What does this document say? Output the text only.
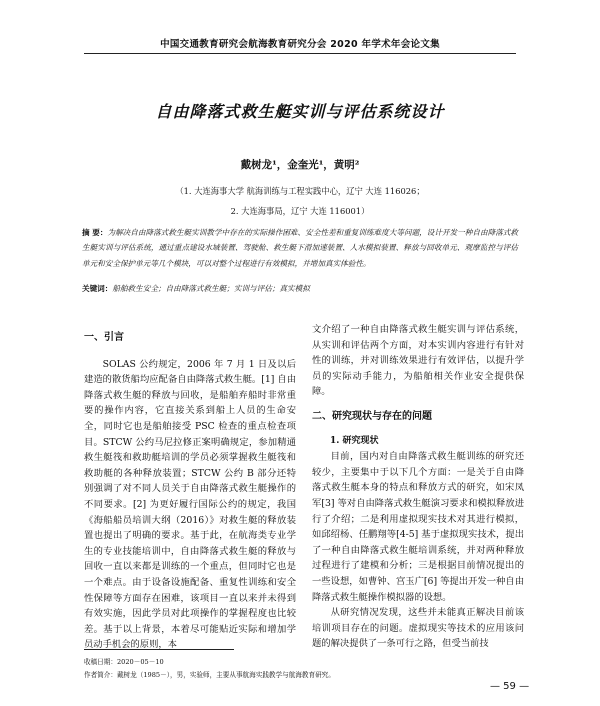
中国交通教育研究会航海教育研究分会 2020 年学术年会论文集
自由降落式救生艇实训与评估系统设计
戴树龙¹，金奎光¹，黄明²
（1. 大连海事大学 航海训练与工程实践中心，辽宁 大连 116026；
2. 大连海事局，辽宁 大连 116001）
摘 要：为解决自由降落式救生艇实训教学中存在的实际操作困难、安全性差和重复训练难度大等问题，设计开发一种自由降落式救生艇实训与评估系统，通过重点建设水域装置、驾驶舱、救生艇下滑加速装置、人水模拟装置、释放与回收单元、观摩监控与评估单元和安全保护单元等几个模块，可以对整个过程进行有效模拟，并增加真实体验性。
关键词：船舶救生安全；自由降落式救生艇；实训与评估；真实模拟
一、引言

SOLAS 公约规定，2006 年 7 月 1 日及以后建造的散货船均应配备自由降落式救生艇。[1] 自由降落式救生艇的释放与回收，是船舶弃船时非常重要的操作内容，它直接关系到船上人员的生命安全，同时它也是船舶接受 PSC 检查的重点检查项目。STCW 公约马尼拉修正案明确规定，参加精通救生艇筏和救助艇培训的学员必须掌握救生艇筏和救助艇的各种释放装置；STCW 公约 B 部分还特别强调了对不同人员关于自由降落式救生艇操作的不同要求。[2] 为更好履行国际公约的规定，我国《海船船员培训大纲（2016）》对救生艇的释放装置也提出了明确的要求。基于此，在航海类专业学生的专业技能培训中，自由降落式救生艇的释放与回收一直以来都是训练的一个重点，但同时它也是一个难点。由于设备设施配备、重复性训练和安全性保障等方面存在困难，该项目一直以来并未得到有效实施，因此学员对此项操作的掌握程度也比较差。基于以上背景，本着尽可能贴近实际和增加学员动手机会的原则，本

文介绍了一种自由降落式救生艇实训与评估系统，从实训和评估两个方面，对本实训内容进行有针对性的训练，并对训练效果进行有效评估，以提升学员的实际动手能力，为船舶相关作业安全提供保障。

二、研究现状与存在的问题
1. 研究现状

目前，国内对自由降落式救生艇训练的研究还较少，主要集中于以下几个方面：一是关于自由降落式救生艇本身的特点和释放方式的研究，如宋凤军[3] 等对自由降落式救生艇演习要求和模拟释放进行了介绍；二是利用虚拟现实技术对其进行模拟，如邱绍杨、任鹏翔等[4-5] 基于虚拟现实技术，提出了一种自由降落式救生艇培训系统，并对两种释放过程进行了建模和分析；三是根据目前情况提出的一些设想，如曹钟、宫玉广[6] 等提出开发一种自由降落式救生艇操作模拟器的设想。

从研究情况发现，这些并未能真正解决目前该培训项目存在的问题。虚拟现实等技术的应用该问题的解决提供了一条可行之路，但受当前技

收稿日期：2020－05－10
作者简介：戴树龙（1985－），男，实验师，主要从事航海实践教学与航海教育研究。
— 59 —
